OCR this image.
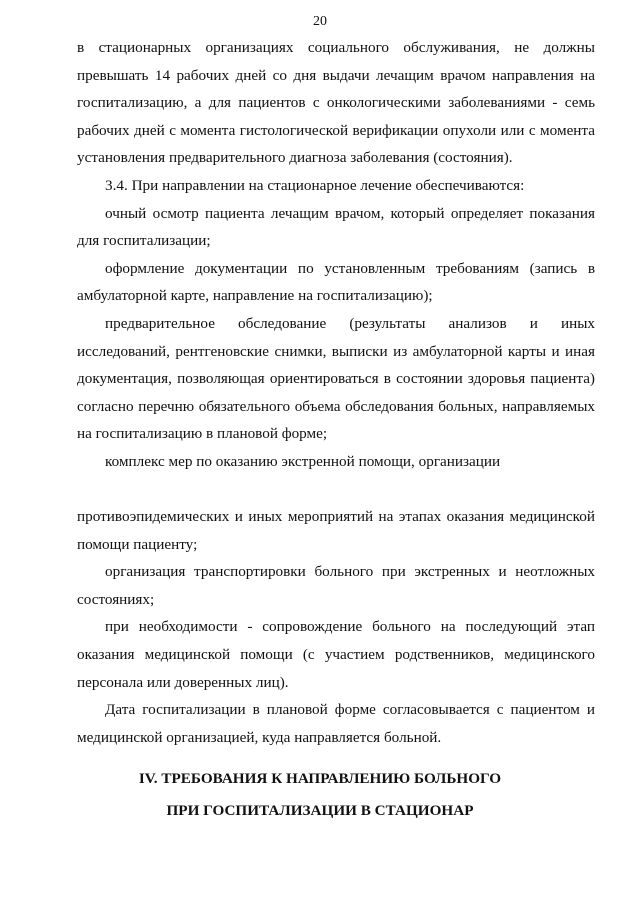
20

в стационарных организациях социального обслуживания, не должны превышать 14 рабочих дней со дня выдачи лечащим врачом направления на госпитализацию, а для пациентов с онкологическими заболеваниями - семь рабочих дней с момента гистологической верификации опухоли или с момента установления предварительного диагноза заболевания (состояния).

3.4. При направлении на стационарное лечение обеспечиваются:

очный осмотр пациента лечащим врачом, который определяет показания для госпитализации;

оформление документации по установленным требованиям (запись в амбулаторной карте, направление на госпитализацию);

предварительное обследование (результаты анализов и иных исследований, рентгеновские снимки, выписки из амбулаторной карты и иная документация, позволяющая ориентироваться в состоянии здоровья пациента) согласно перечню обязательного объема обследования больных, направляемых на госпитализацию в плановой форме;

комплекс мер по оказанию экстренной помощи, организации

противоэпидемических и иных мероприятий на этапах оказания медицинской помощи пациенту;

организация транспортировки больного при экстренных и неотложных состояниях;

при необходимости - сопровождение больного на последующий этап оказания медицинской помощи (с участием родственников, медицинского персонала или доверенных лиц).

Дата госпитализации в плановой форме согласовывается с пациентом и медицинской организацией, куда направляется больной.

IV. ТРЕБОВАНИЯ К НАПРАВЛЕНИЮ БОЛЬНОГО
ПРИ ГОСПИТАЛИЗАЦИИ В СТАЦИОНАР
